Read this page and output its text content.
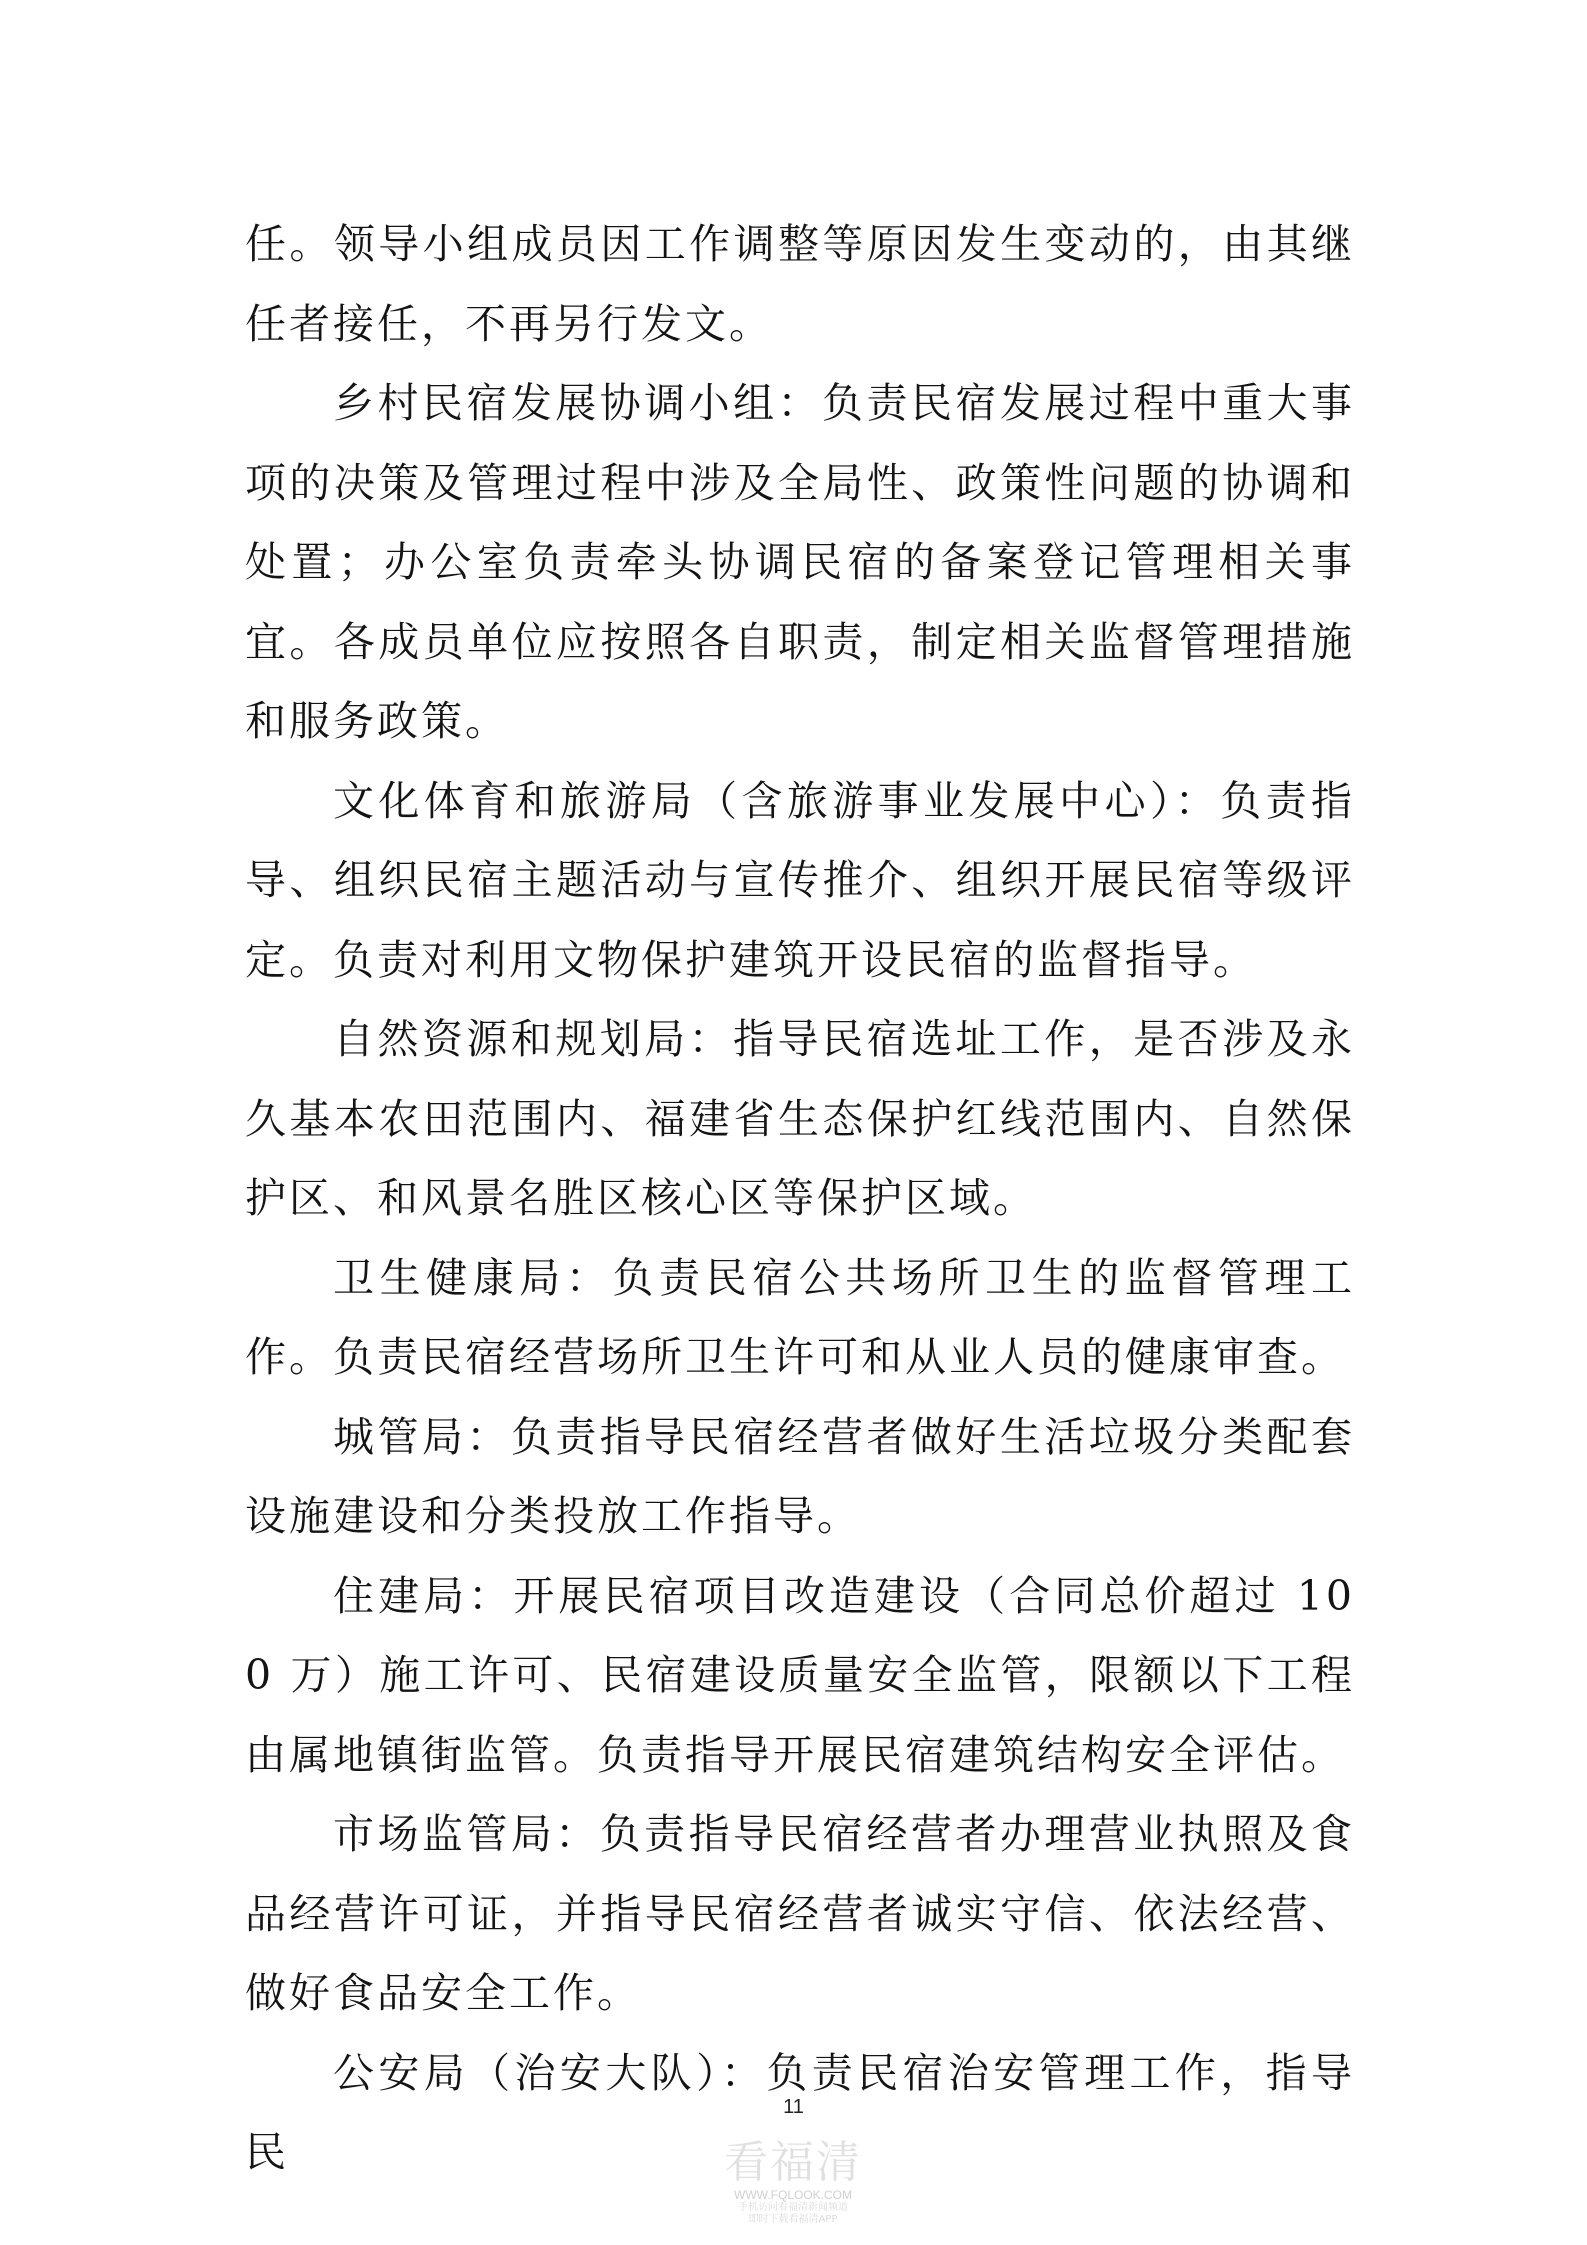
任。领导小组成员因工作调整等原因发生变动的，由其继任者接任，不再另行发文。

乡村民宿发展协调小组：负责民宿发展过程中重大事项的决策及管理过程中涉及全局性、政策性问题的协调和处置；办公室负责牵头协调民宿的备案登记管理相关事宜。各成员单位应按照各自职责，制定相关监督管理措施和服务政策。

文化体育和旅游局（含旅游事业发展中心）：负责指导、组织民宿主题活动与宣传推介、组织开展民宿等级评定。负责对利用文物保护建筑开设民宿的监督指导。

自然资源和规划局：指导民宿选址工作，是否涉及永久基本农田范围内、福建省生态保护红线范围内、自然保护区、和风景名胜区核心区等保护区域。

卫生健康局：负责民宿公共场所卫生的监督管理工作。负责民宿经营场所卫生许可和从业人员的健康审查。

城管局：负责指导民宿经营者做好生活垃圾分类配套设施建设和分类投放工作指导。

住建局：开展民宿项目改造建设（合同总价超过 100 万）施工许可、民宿建设质量安全监管，限额以下工程由属地镇街监管。负责指导开展民宿建筑结构安全评估。

市场监管局：负责指导民宿经营者办理营业执照及食品经营许可证，并指导民宿经营者诚实守信、依法经营、做好食品安全工作。

公安局（治安大队）：负责民宿治安管理工作，指导民

11
看福清
WWW.FQLOOK.COM
手机访问看福清新闻频道
即时下载看福清APP
